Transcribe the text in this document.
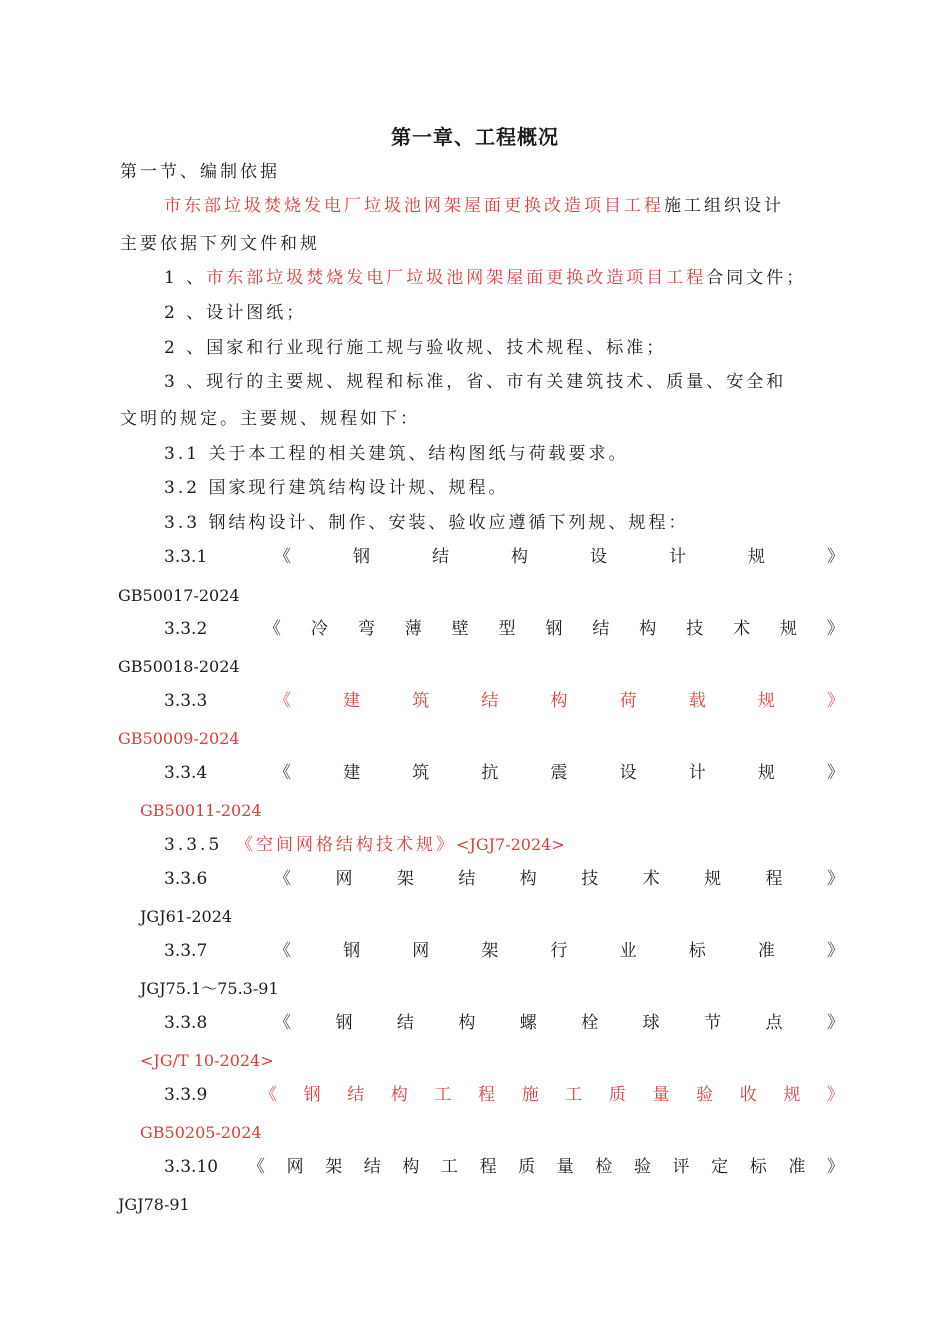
第一章、工程概况
第一节、编制依据
市东部垃圾焚烧发电厂垃圾池网架屋面更换改造项目工程施工组织设计
主要依据下列文件和规
1 、市东部垃圾焚烧发电厂垃圾池网架屋面更换改造项目工程合同文件；
2 、设计图纸；
2 、国家和行业现行施工规与验收规、技术规程、标准；
3 、现行的主要规、规程和标准，省、市有关建筑技术、质量、安全和
文明的规定。主要规、规程如下：
3.1 关于本工程的相关建筑、结构图纸与荷载要求。
3.2 国家现行建筑结构设计规、规程。
3.3 钢结构设计、制作、安装、验收应遵循下列规、规程：
3.3.1	《	钢	结	构	设	计	规	》
GB50017-2024
3.3.2	《 冷 弯 薄 壁 型 钢 结 构 技 术 规 》
GB50018-2024
3.3.3	《	建	筑	结	构	荷	载	规	》
GB50009-2024
3.3.4	《	建	筑	抗	震	设	计	规	》
GB50011-2024
3.3.5 《空间网格结构技术规》<JGJ7-2024>
3.3.6	《	网	架	结	构	技	术	规	程	》
JGJ61-2024
3.3.7	《	钢	网	架	行	业	标	准	》
JGJ75.1～75.3-91
3.3.8	《	钢	结	构	螺	栓	球	节	点	》
<JG/T 10-2024>
3.3.9	《 钢 结 构 工 程 施 工 质 量 验 收 规 》
GB50205-2024
3.3.10	《 网 架 结 构 工 程 质 量 检 验 评 定 标 准 》
JGJ78-91
